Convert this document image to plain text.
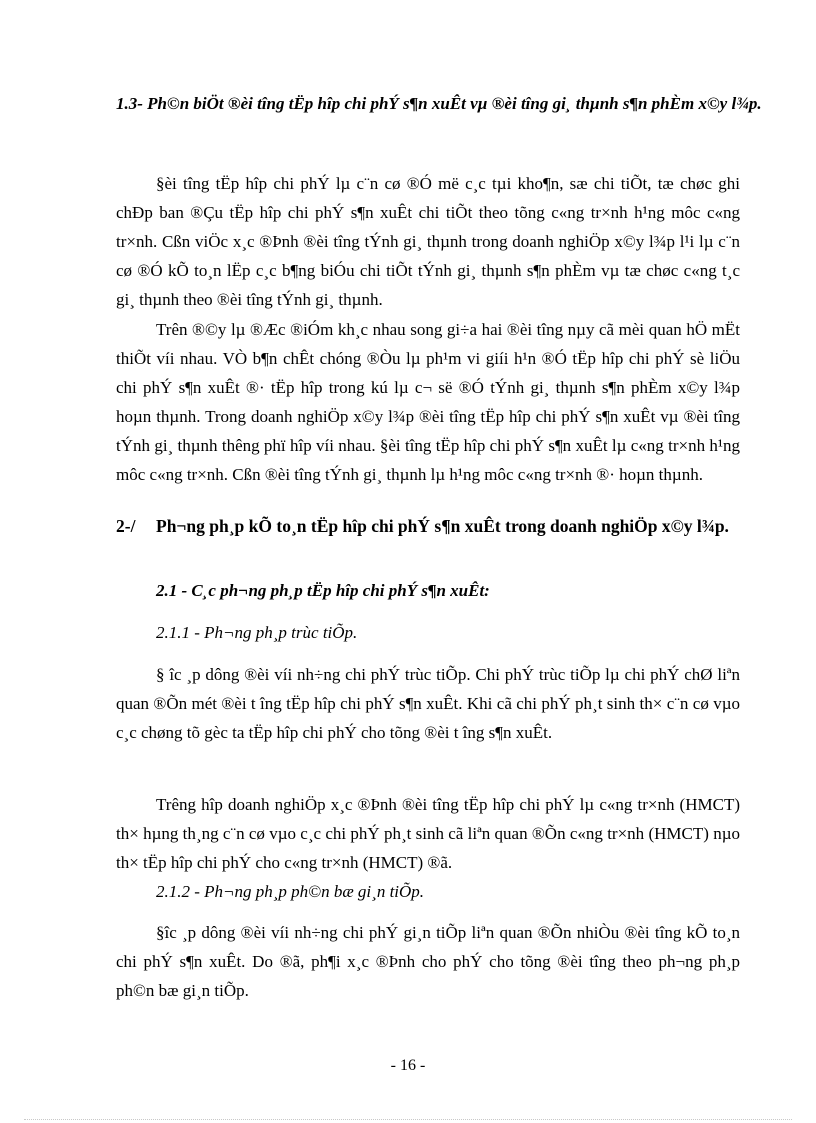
1.3- Ph©n biÖt ®èi tîng tËp hîp chi phÝ s¶n xuÊt vµ ®èi tîng gi¸ thµnh s¶n phÈm x©y l¾p.

§èi tîng tËp hîp chi phÝ lµ c¨n cø ®Ó më c¸c tµi kho¶n, sæ chi tiÕt, tæ chøc ghi chÐp ban ®Çu tËp hîp chi phÝ s¶n xuÊt chi tiÕt theo tõng c«ng tr×nh h¹ng môc c«ng tr×nh. Cßn viÖc x¸c ®Þnh ®èi tîng tÝnh gi¸ thµnh trong doanh nghiÖp x©y l¾p l¹i lµ c¨n cø ®Ó kÕ to¸n lËp c¸c b¶ng biÓu chi tiÕt tÝnh gi¸ thµnh s¶n phÈm vµ tæ chøc c«ng t¸c gi¸ thµnh theo ®èi tîng tÝnh gi¸ thµnh.

Trên ®©y lµ ®Æc ®iÓm kh¸c nhau song gi÷a hai ®èi tîng nµy cã mèi quan hÖ mËt thiÕt víi nhau. VÒ b¶n chÊt chóng ®Òu lµ ph¹m vi giíi h¹n ®Ó tËp hîp chi phÝ sè liÖu chi phÝ s¶n xuÊt ®· tËp hîp trong kú lµ c¬ së ®Ó tÝnh gi¸ thµnh s¶n phÈm x©y l¾p hoµn thµnh. Trong doanh nghiÖp x©y l¾p ®èi tîng tËp hîp chi phÝ s¶n xuÊt vµ ®èi tîng tÝnh gi¸ thµnh thêng phï hîp víi nhau. §èi tîng tËp hîp chi phÝ s¶n xuÊt lµ c«ng tr×nh h¹ng môc c«ng tr×nh. Cßn ®èi tîng tÝnh gi¸ thµnh lµ h¹ng môc c«ng tr×nh ®· hoµn thµnh.

2-/ Ph¬ng ph¸p kÕ to¸n tËp hîp chi phÝ s¶n xuÊt trong doanh nghiÖp x©y l¾p.

2.1 - C¸c ph¬ng ph¸p tËp hîp chi phÝ s¶n xuÊt:

2.1.1 - Ph¬ng ph¸p trùc tiÕp.

§ îc ¸p dông ®èi víi nh÷ng chi phÝ trùc tiÕp. Chi phÝ trùc tiÕp lµ chi phÝ chØ liªn quan ®Õn mét ®èi t îng tËp hîp chi phÝ s¶n xuÊt. Khi cã chi phÝ ph¸t sinh th× c¨n cø vµo c¸c chøng tõ gèc ta tËp hîp chi phÝ cho tõng ®èi t îng s¶n xuÊt.

Trêng hîp doanh nghiÖp x¸c ®Þnh ®èi tîng tËp hîp chi phÝ lµ c«ng tr×nh (HMCT) th× hµng th¸ng c¨n cø vµo c¸c chi phÝ ph¸t sinh cã liªn quan ®Õn c«ng tr×nh (HMCT) nµo th× tËp hîp chi phÝ cho c«ng tr×nh (HMCT) ®ã.

2.1.2 - Ph¬ng ph¸p ph©n bæ gi¸n tiÕp.

§îc ¸p dông ®èi víi nh÷ng chi phÝ gi¸n tiÕp liªn quan ®Õn nhiÒu ®èi tîng kÕ to¸n chi phÝ s¶n xuÊt. Do ®ã, ph¶i x¸c ®Þnh cho phÝ cho tõng ®èi tîng theo ph¬ng ph¸p ph©n bæ gi¸n tiÕp.

- 16 -
